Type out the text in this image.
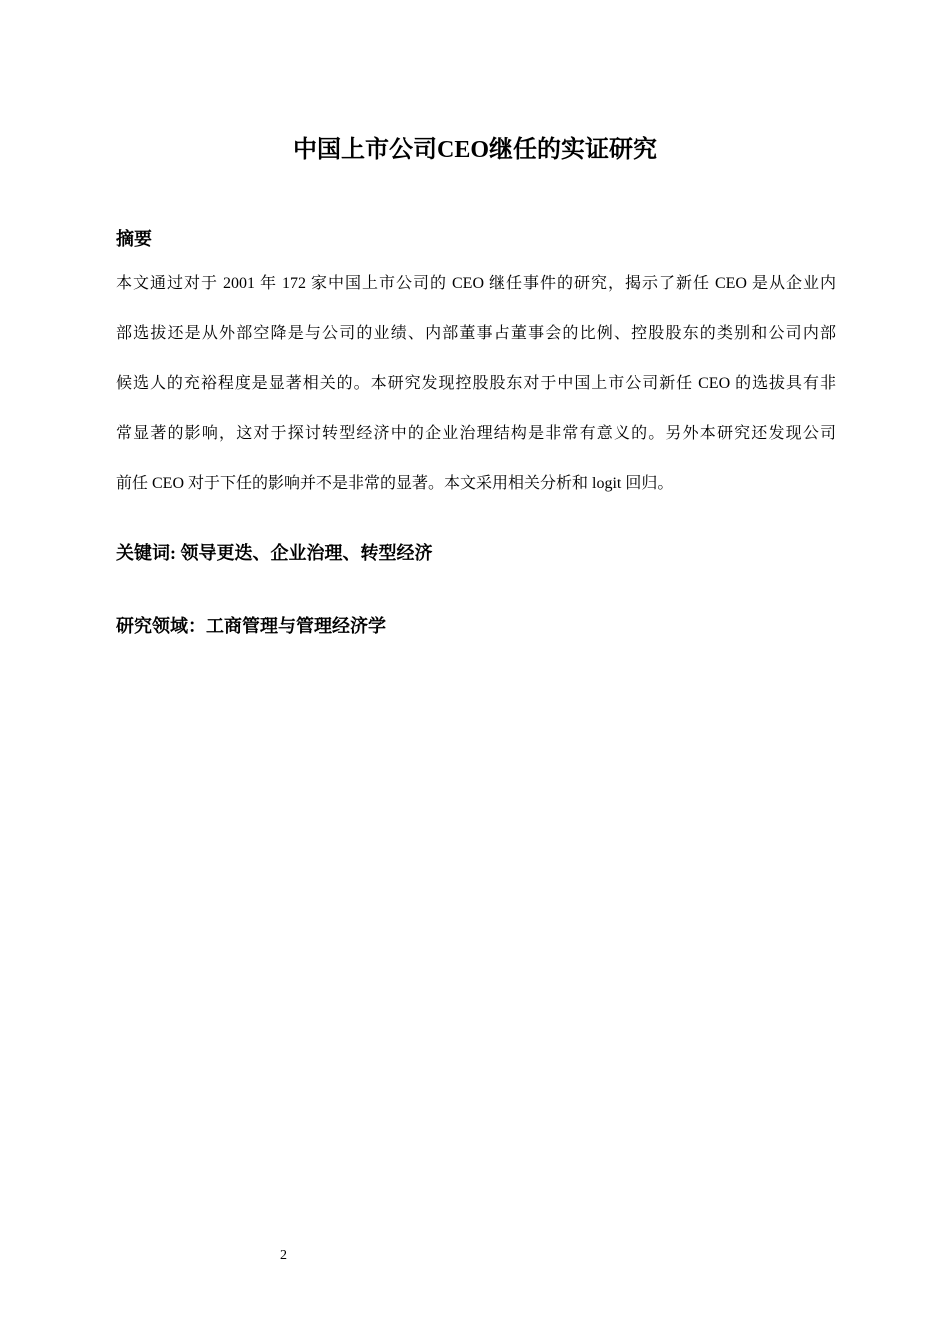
中国上市公司CEO继任的实证研究
摘要
本文通过对于 2001 年 172 家中国上市公司的 CEO 继任事件的研究，揭示了新任 CEO 是从企业内
部选拔还是从外部空降是与公司的业绩、内部董事占董事会的比例、控股股东的类别和公司内部
候选人的充裕程度是显著相关的。本研究发现控股股东对于中国上市公司新任 CEO 的选拔具有非
常显著的影响，这对于探讨转型经济中的企业治理结构是非常有意义的。另外本研究还发现公司
前任 CEO 对于下任的影响并不是非常的显著。本文采用相关分析和 logit 回归。
关键词: 领导更迭、企业治理、转型经济
研究领域：工商管理与管理经济学
2
